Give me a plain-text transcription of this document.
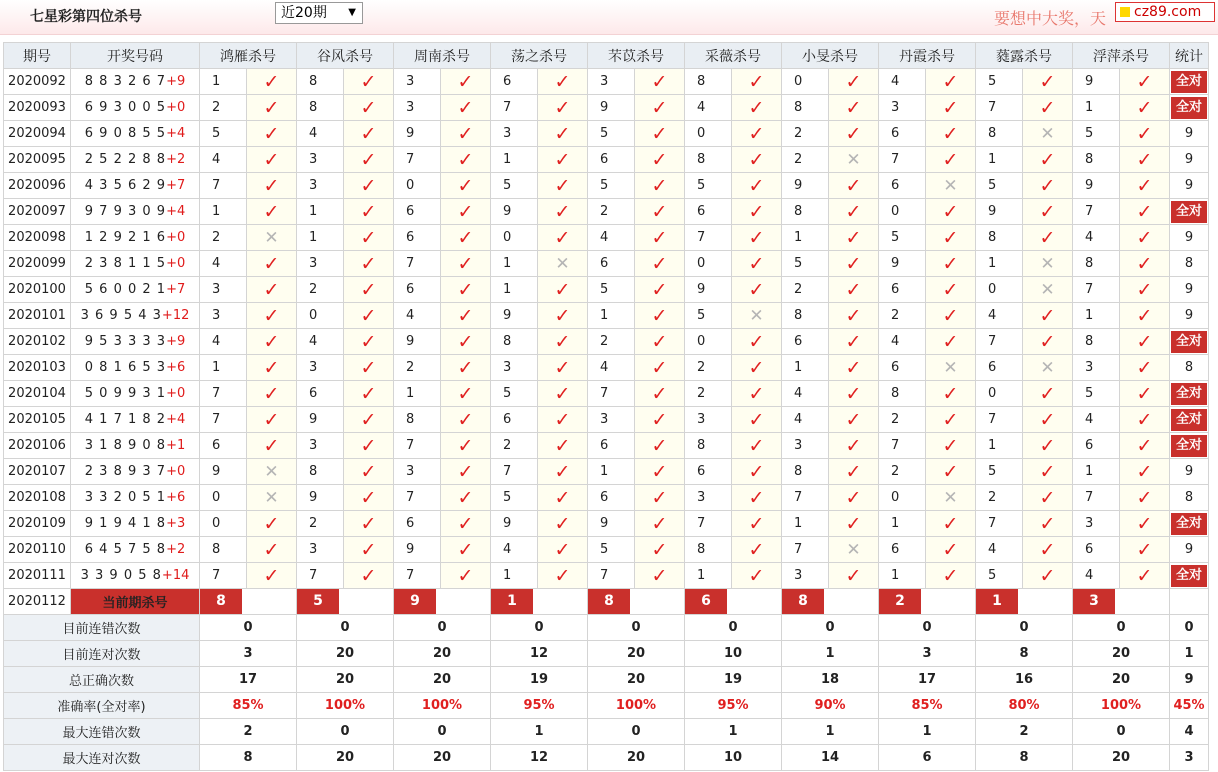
七星彩第四位杀号	近20期 ▼	要想中大奖，天	cz89.com
期号	开奖号码	鸿雁杀号		谷风杀号		周南杀号		荡之杀号		芣苡杀号		采薇杀号		小旻杀号		丹霞杀号		蕤露杀号		浮萍杀号		统计
2020092	8 8 3 2 6 7+9	1	✓	8	✓	3	✓	6	✓	3	✓	8	✓	0	✓	4	✓	5	✓	9	✓	全对
2020093	6 9 3 0 0 5+0	2	✓	8	✓	3	✓	7	✓	9	✓	4	✓	8	✓	3	✓	7	✓	1	✓	全对
2020094	6 9 0 8 5 5+4	5	✓	4	✓	9	✓	3	✓	5	✓	0	✓	2	✓	6	✓	8	✕	5	✓	9
2020095	2 5 2 2 8 8+2	4	✓	3	✓	7	✓	1	✓	6	✓	8	✓	2	✕	7	✓	1	✓	8	✓	9
2020096	4 3 5 6 2 9+7	7	✓	3	✓	0	✓	5	✓	5	✓	5	✓	9	✓	6	✕	5	✓	9	✓	9
2020097	9 7 9 3 0 9+4	1	✓	1	✓	6	✓	9	✓	2	✓	6	✓	8	✓	0	✓	9	✓	7	✓	全对
2020098	1 2 9 2 1 6+0	2	✕	1	✓	6	✓	0	✓	4	✓	7	✓	1	✓	5	✓	8	✓	4	✓	9
2020099	2 3 8 1 1 5+0	4	✓	3	✓	7	✓	1	✕	6	✓	0	✓	5	✓	9	✓	1	✕	8	✓	8
2020100	5 6 0 0 2 1+7	3	✓	2	✓	6	✓	1	✓	5	✓	9	✓	2	✓	6	✓	0	✕	7	✓	9
2020101	3 6 9 5 4 3+12	3	✓	0	✓	4	✓	9	✓	1	✓	5	✕	8	✓	2	✓	4	✓	1	✓	9
2020102	9 5 3 3 3 3+9	4	✓	4	✓	9	✓	8	✓	2	✓	0	✓	6	✓	4	✓	7	✓	8	✓	全对
2020103	0 8 1 6 5 3+6	1	✓	3	✓	2	✓	3	✓	4	✓	2	✓	1	✓	6	✕	6	✕	3	✓	8
2020104	5 0 9 9 3 1+0	7	✓	6	✓	1	✓	5	✓	7	✓	2	✓	4	✓	8	✓	0	✓	5	✓	全对
2020105	4 1 7 1 8 2+4	7	✓	9	✓	8	✓	6	✓	3	✓	3	✓	4	✓	2	✓	7	✓	4	✓	全对
2020106	3 1 8 9 0 8+1	6	✓	3	✓	7	✓	2	✓	6	✓	8	✓	3	✓	7	✓	1	✓	6	✓	全对
2020107	2 3 8 9 3 7+0	9	✕	8	✓	3	✓	7	✓	1	✓	6	✓	8	✓	2	✓	5	✓	1	✓	9
2020108	3 3 2 0 5 1+6	0	✕	9	✓	7	✓	5	✓	6	✓	3	✓	7	✓	0	✕	2	✓	7	✓	8
2020109	9 1 9 4 1 8+3	0	✓	2	✓	6	✓	9	✓	9	✓	7	✓	1	✓	1	✓	7	✓	3	✓	全对
2020110	6 4 5 7 5 8+2	8	✓	3	✓	9	✓	4	✓	5	✓	8	✓	7	✕	6	✓	4	✓	6	✓	9
2020111	3 3 9 0 5 8+14	7	✓	7	✓	7	✓	1	✓	7	✓	1	✓	3	✓	1	✓	5	✓	4	✓	全对
2020112	当前期杀号	8		5		9		1		8		6		8		2		1		3		
目前连错次数		0		0		0		0		0		0		0		0		0		0		0
目前连对次数		3		20		20		12		20		10		1		3		8		20		1
总正确次数		17		20		20		19		20		19		18		17		16		20		9
准确率(全对率)		85%		100%		100%		95%		100%		95%		90%		85%		80%		100%		45%
最大连错次数		2		0		0		1		0		1		1		1		2		0		4
最大连对次数		8		20		20		12		20		10		14		6		8		20		3
